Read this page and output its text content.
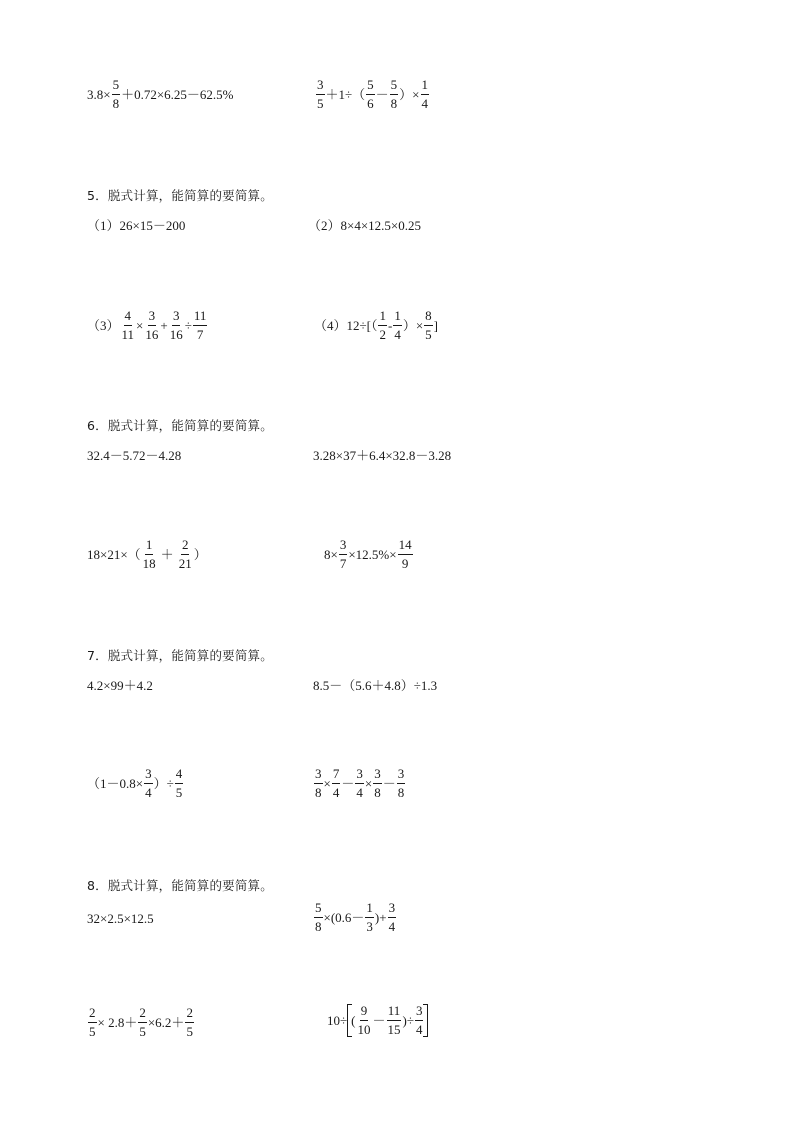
$3.8\times \frac{5}{8} +0.72\times 6.25-62.5\%$	$\frac{3}{5} +1\div( \frac{5}{6} - \frac{5}{8}$ ）× $\frac{1}{4}$
5．脱式计算，能简算的要简算。
（1）26×15－200	（2）8×4×12.5×0.25
$(3) \frac{4}{11} \times \frac{3}{16} + \frac{3}{16} \div \frac{11}{7}$	$(4)12\div[( \frac{1}{2} - \frac{1}{4}$ ）× $\frac{8}{5}$ ]
6．脱式计算，能简算的要简算。
32.4－5.72－4.28	3.28×37＋6.4×32.8－3.28
$18\times 21\times( \frac{1}{18} + \frac{2}{21}$ ）	$8\times \frac{3}{7} \times 12.5\%\times \frac{14}{9}$
7．脱式计算，能简算的要简算。
4.2×99＋4.2	8.5－（5.6＋4.8）÷1.3
（$1-0.8\times \frac{3}{4}$ ）÷ $\frac{4}{5}$	$\frac{3}{8} \times \frac{7}{4} - \frac{3}{4} \times \frac{3}{8} - \frac{3}{8}$
8．脱式计算，能简算的要简算。
32×2.5×12.5	$\frac{5}{8} \times(0.6- \frac{1}{3}$ )+ $\frac{3}{4}$
$\frac{2}{5} \times 2.8+ \frac{2}{5} \times 6.2+ \frac{2}{5}$	10÷ ( $\frac{9}{10} - \frac{11}{15}$ )÷ $\frac{3}{4}$
